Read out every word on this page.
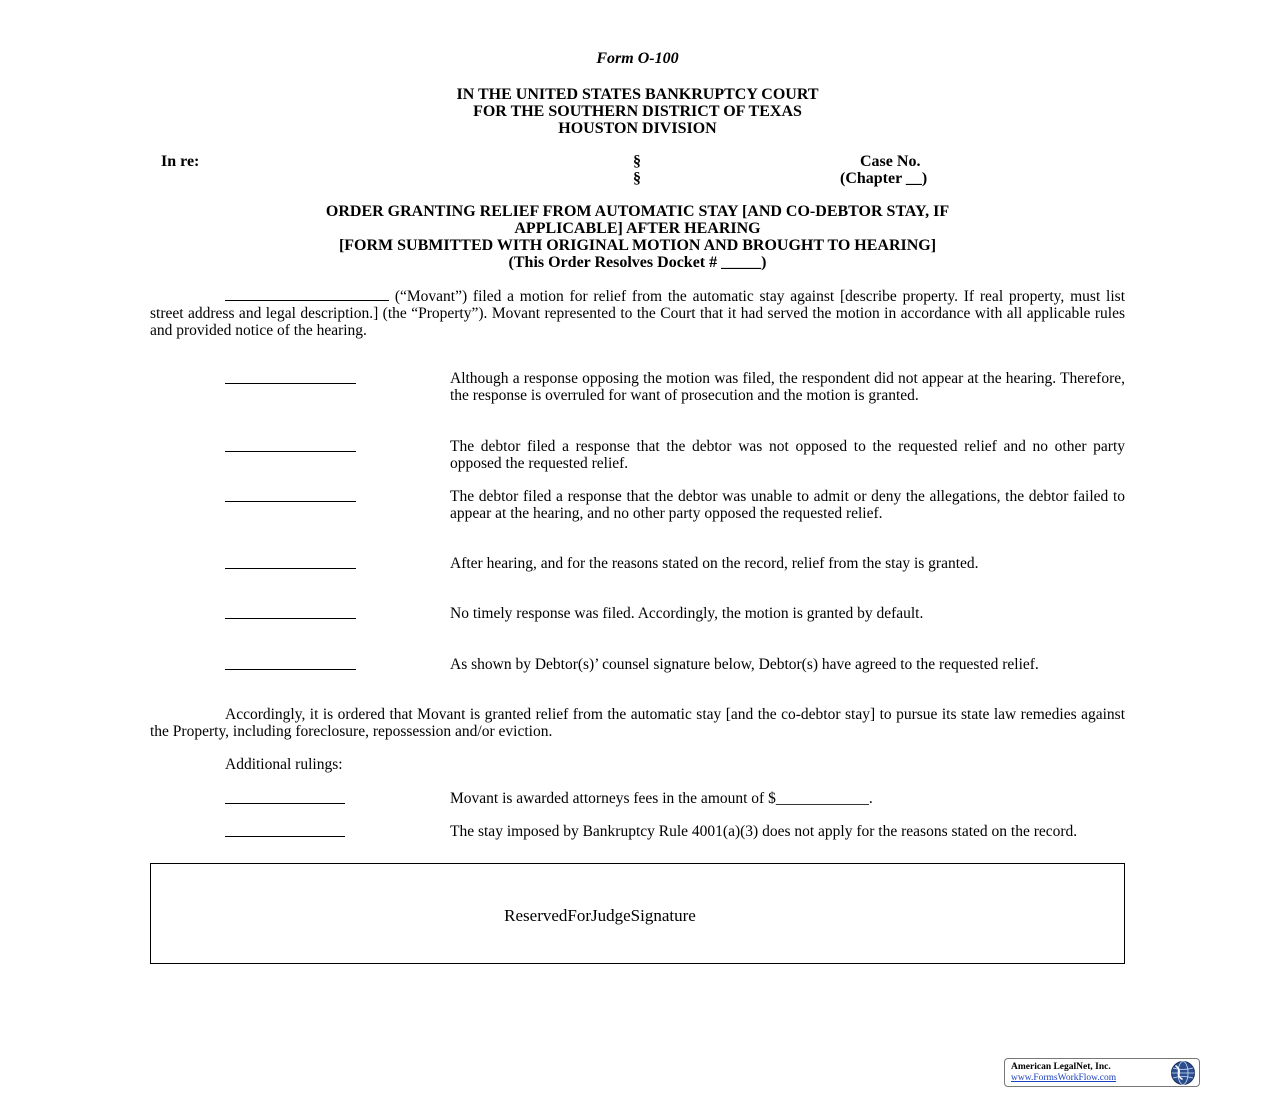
Form O-100
IN THE UNITED STATES BANKRUPTCY COURT
FOR THE SOUTHERN DISTRICT OF TEXAS
HOUSTON DIVISION
In re:	§
§
Case No.
(Chapter __)
ORDER GRANTING RELIEF FROM AUTOMATIC STAY [AND CO-DEBTOR STAY, IF
APPLICABLE] AFTER HEARING
[FORM SUBMITTED WITH ORIGINAL MOTION AND BROUGHT TO HEARING]
(This Order Resolves Docket # _____)
(“Movant”) filed a motion for relief from the automatic stay against [describe property. If real property, must list street address and legal description.] (the “Property”). Movant represented to the Court that it had served the motion in accordance with all applicable rules and provided notice of the hearing.
Although a response opposing the motion was filed, the respondent did not appear at the hearing. Therefore, the response is overruled for want of prosecution and the motion is granted.
The debtor filed a response that the debtor was not opposed to the requested relief and no other party opposed the requested relief.
The debtor filed a response that the debtor was unable to admit or deny the allegations, the debtor failed to appear at the hearing, and no other party opposed the requested relief.
After hearing, and for the reasons stated on the record, relief from the stay is granted.
No timely response was filed. Accordingly, the motion is granted by default.
As shown by Debtor(s)’ counsel signature below, Debtor(s) have agreed to the requested relief.
Accordingly, it is ordered that Movant is granted relief from the automatic stay [and the co-debtor stay] to pursue its state law remedies against the Property, including foreclosure, repossession and/or eviction.
Additional rulings:
Movant is awarded attorneys fees in the amount of $____________.
The stay imposed by Bankruptcy Rule 4001(a)(3) does not apply for the reasons stated on the record.
ReservedForJudgeSignature
American LegalNet, Inc.
www.FormsWorkFlow.com
